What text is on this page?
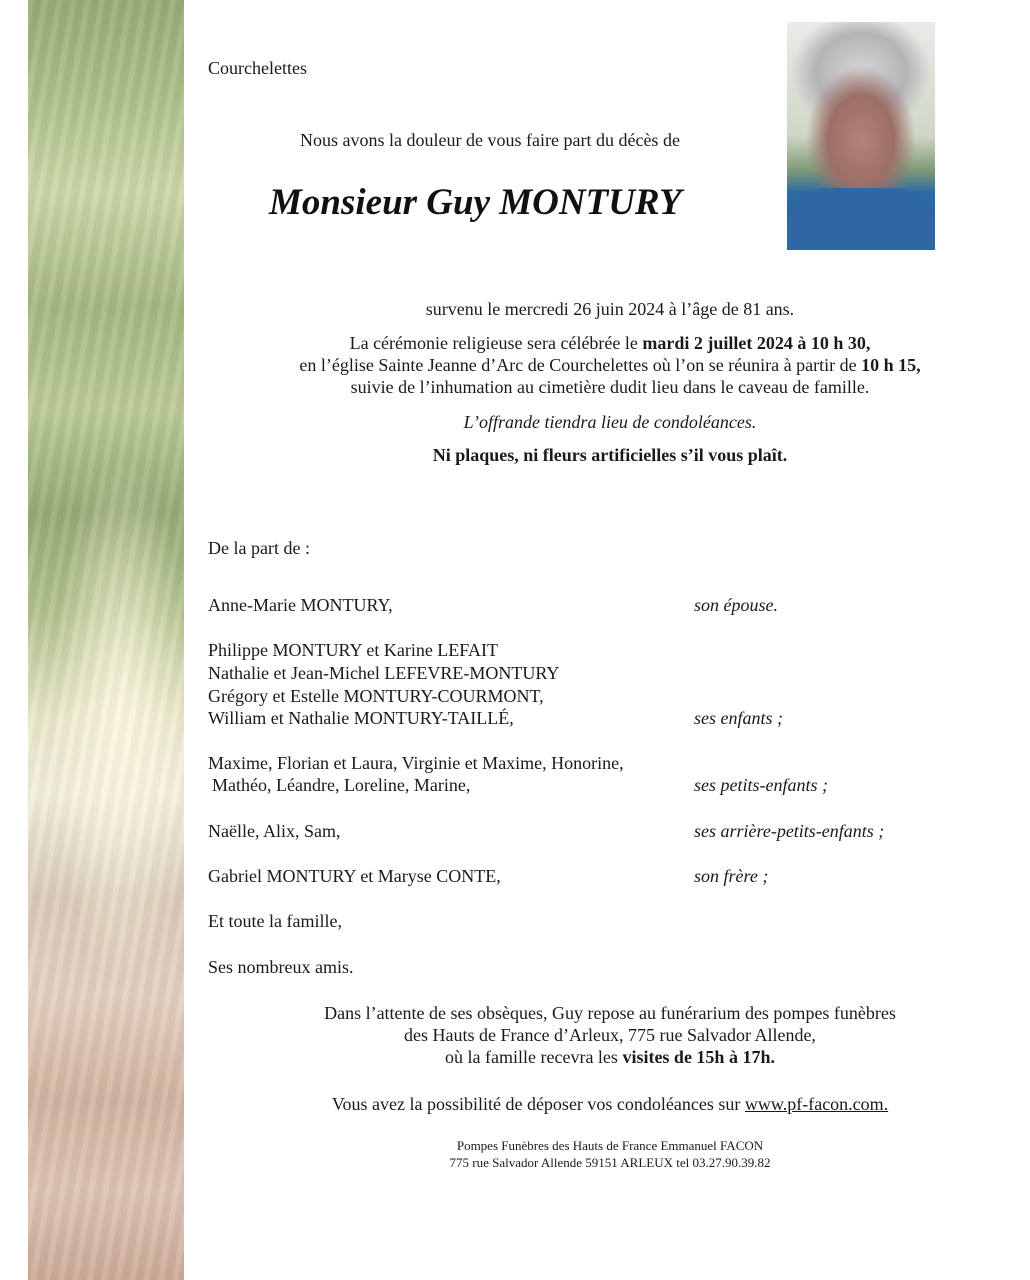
Courchelettes
Nous avons la douleur de vous faire part du décès de
Monsieur Guy MONTURY
survenu le mercredi 26 juin 2024 à l’âge de 81 ans.
La cérémonie religieuse sera célébrée le mardi 2 juillet 2024 à 10 h 30,
en l’église Sainte Jeanne d’Arc de Courchelettes où l’on se réunira à partir de 10 h 15,
suivie de l’inhumation au cimetière dudit lieu dans le caveau de famille.
L’offrande tiendra lieu de condoléances.
Ni plaques, ni fleurs artificielles s’il vous plaît.
De la part de :
Anne-Marie MONTURY,	son épouse.
Philippe MONTURY et Karine LEFAIT
Nathalie et Jean-Michel LEFEVRE-MONTURY
Grégory et Estelle MONTURY-COURMONT,
William et Nathalie MONTURY-TAILLÉ,	ses enfants ;
Maxime, Florian et Laura, Virginie et Maxime, Honorine,
Mathéo, Léandre, Loreline, Marine,	ses petits-enfants ;
Naëlle, Alix, Sam,	ses arrière-petits-enfants ;
Gabriel MONTURY et Maryse CONTE,	son frère ;
Et toute la famille,
Ses nombreux amis.
Dans l’attente de ses obsèques, Guy repose au funérarium des pompes funèbres
des Hauts de France d’Arleux, 775 rue Salvador Allende,
où la famille recevra les visites de 15h à 17h.
Vous avez la possibilité de déposer vos condoléances sur www.pf-facon.com.
Pompes Funèbres des Hauts de France Emmanuel FACON
775 rue Salvador Allende 59151 ARLEUX tel 03.27.90.39.82
